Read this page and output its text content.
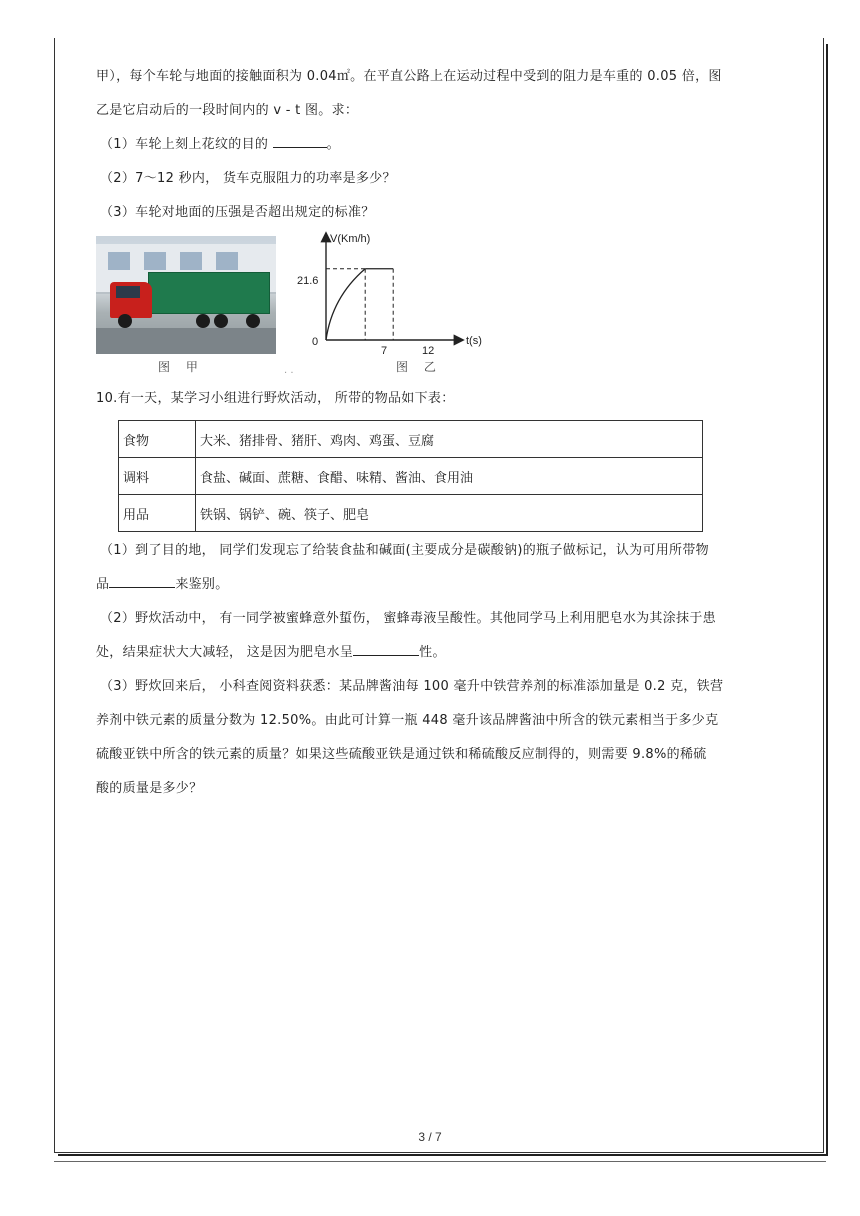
甲），每个车轮与地面的接触面积为 0.04㎡。在平直公路上在运动过程中受到的阻力是车重的 0.05 倍，图
乙是它启动后的一段时间内的 v - t 图。求：
（1）车轮上刻上花纹的目的	。
（2）7～12 秒内， 货车克服阻力的功率是多少？
（3）车轮对地面的压强是否超出规定的标准？
图 甲	· ·
V(Km/h)
t(s)
0
21.6
7	12
图 乙
10.有一天，某学习小组进行野炊活动， 所带的物品如下表：
食物	大米、猪排骨、猪肝、鸡肉、鸡蛋、豆腐
调料	食盐、碱面、蔗糖、食醋、味精、酱油、食用油
用品	铁锅、锅铲、碗、筷子、肥皂
（1）到了目的地， 同学们发现忘了给装食盐和碱面(主要成分是碳酸钠)的瓶子做标记，认为可用所带物
品	来鉴别。
（2）野炊活动中， 有一同学被蜜蜂意外蜇伤， 蜜蜂毒液呈酸性。其他同学马上利用肥皂水为其涂抹于患
处，结果症状大大减轻， 这是因为肥皂水呈	性。
（3）野炊回来后， 小科查阅资料获悉：某品牌酱油每 100 毫升中铁营养剂的标准添加量是 0.2 克，铁营
养剂中铁元素的质量分数为 12.50%。由此可计算一瓶 448 毫升该品牌酱油中所含的铁元素相当于多少克
硫酸亚铁中所含的铁元素的质量？如果这些硫酸亚铁是通过铁和稀硫酸反应制得的，则需要 9.8%的稀硫
酸的质量是多少？
3 / 7
